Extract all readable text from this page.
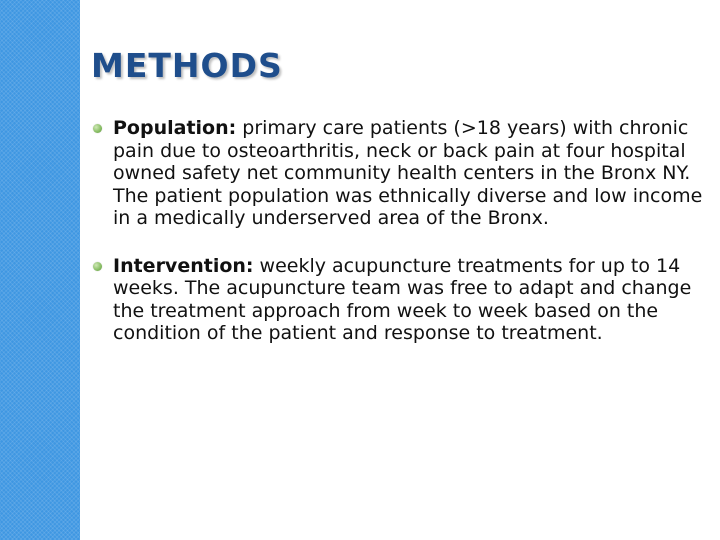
METHODS
Population: primary care patients (>18 years) with chronic pain due to osteoarthritis, neck or back pain at four hospital owned safety net community health centers in the Bronx NY. The patient population was ethnically diverse and low income in a medically underserved area of the Bronx.
Intervention: weekly acupuncture treatments for up to 14 weeks. The acupuncture team was free to adapt and change the treatment approach from week to week based on the condition of the patient and response to treatment.
